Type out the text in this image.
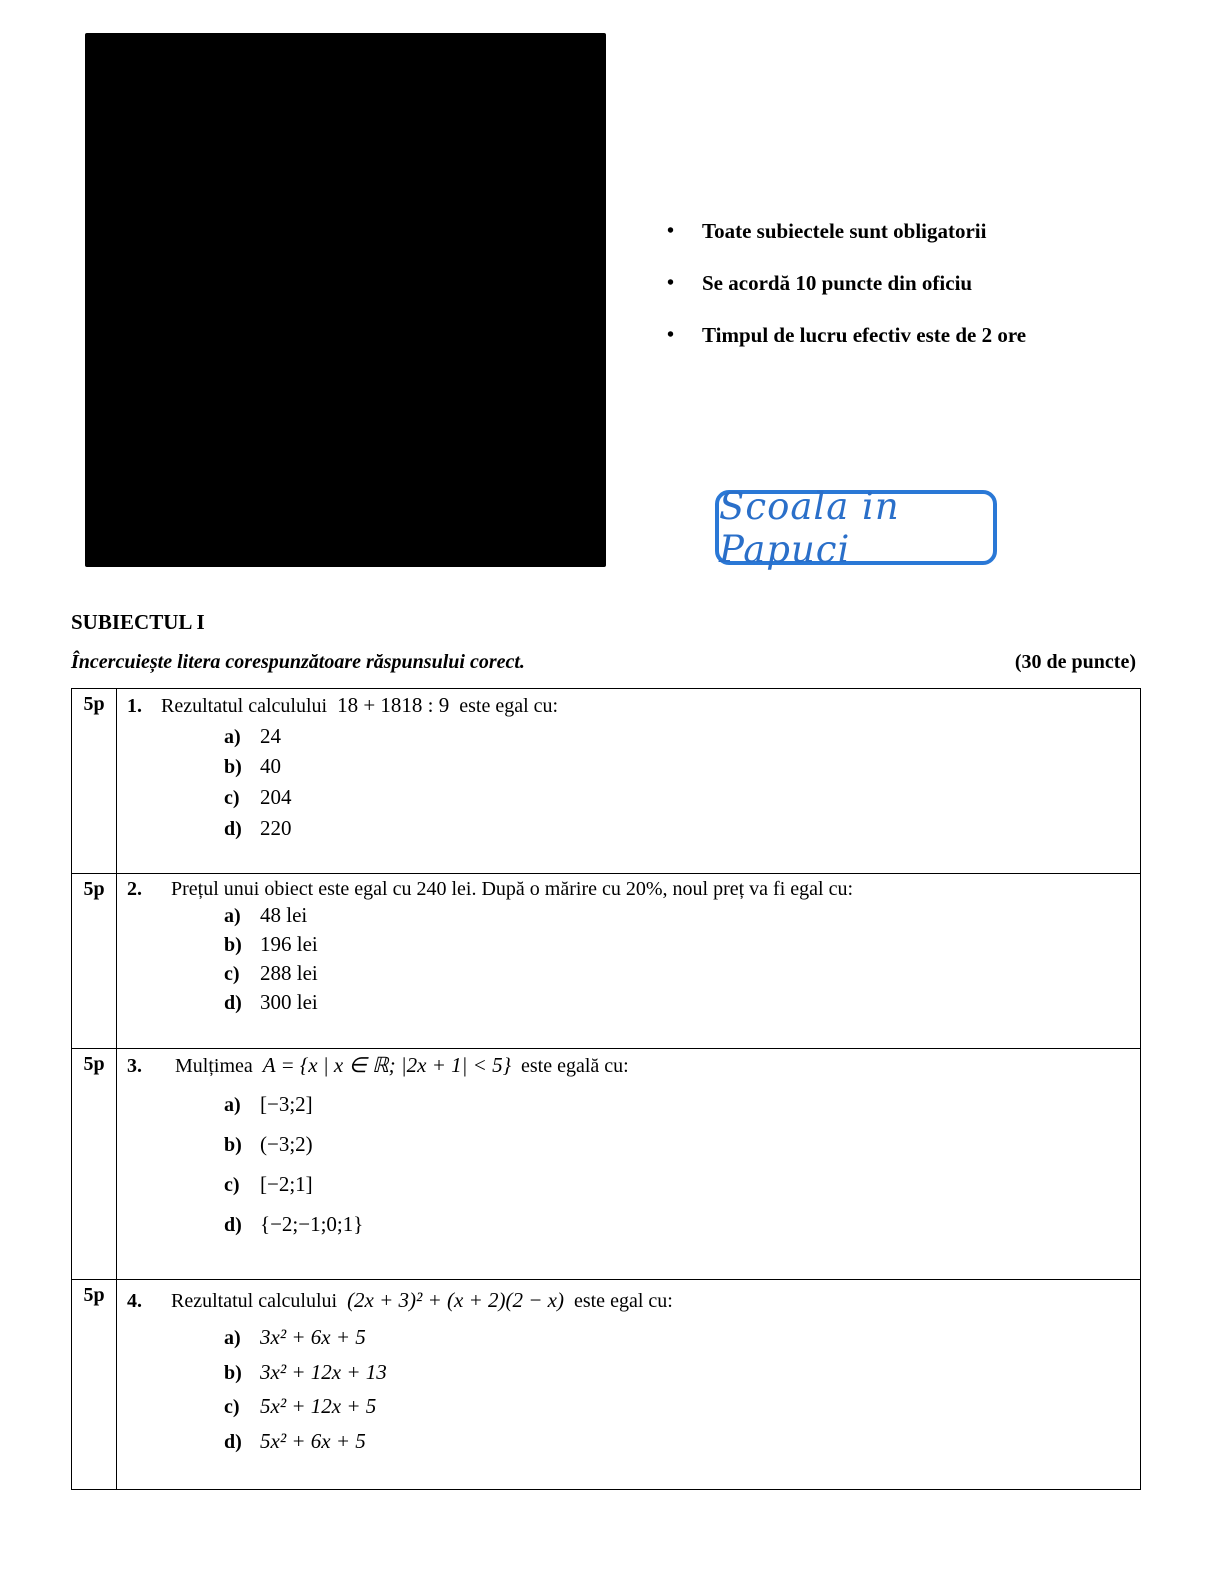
• Toate subiectele sunt obligatorii
• Se acordă 10 puncte din oficiu
• Timpul de lucru efectiv este de 2 ore
Scoala in Papuci
SUBIECTUL I
Încercuiește litera corespunzătoare răspunsului corect.	(30 de puncte)
5p	1. Rezultatul calculului 18 + 1818 : 9 este egal cu:
a) 24
b) 40
c) 204
d) 220

5p	2. Prețul unui obiect este egal cu 240 lei. După o mărire cu 20%, noul preț va fi egal cu:
a) 48 lei
b) 196 lei
c) 288 lei
d) 300 lei

5p	3. Mulțimea A = {x | x ∈ ℝ; |2x + 1| < 5} este egală cu:
a) [−3;2]
b) (−3;2)
c) [−2;1]
d) {−2;−1;0;1}

5p	4. Rezultatul calculului (2x + 3)² + (x + 2)(2 − x) este egal cu:
a) 3x² + 6x + 5
b) 3x² + 12x + 13
c) 5x² + 12x + 5
d) 5x² + 6x + 5
